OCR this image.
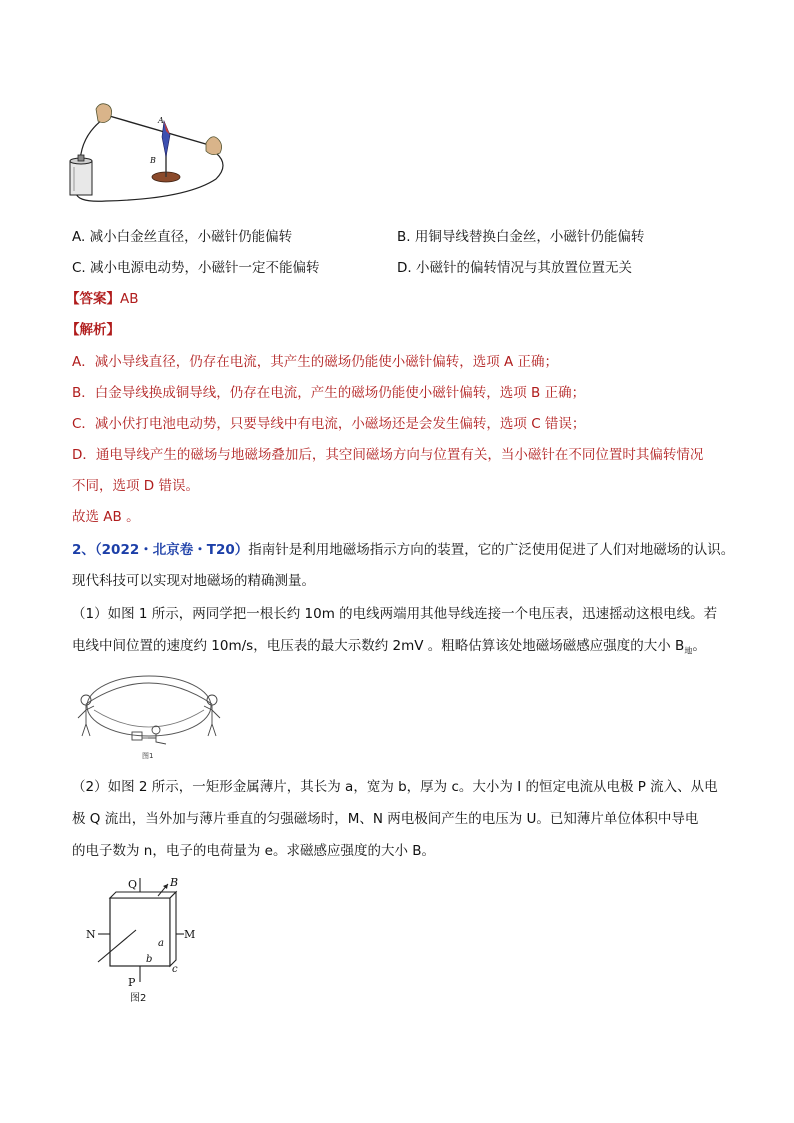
A
B
A. 减小白金丝直径，小磁针仍能偏转	B. 用铜导线替换白金丝，小磁针仍能偏转
C. 减小电源电动势，小磁针一定不能偏转	D. 小磁针的偏转情况与其放置位置无关
【答案】AB
【解析】
A．减小导线直径，仍存在电流，其产生的磁场仍能使小磁针偏转，选项 A 正确；
B．白金导线换成铜导线，仍存在电流，产生的磁场仍能使小磁针偏转，选项 B 正确；
C．减小伏打电池电动势，只要导线中有电流，小磁场还是会发生偏转，选项 C 错误；
D．通电导线产生的磁场与地磁场叠加后，其空间磁场方向与位置有关，当小磁针在不同位置时其偏转情况
不同，选项 D 错误。
故选 AB 。
2、（2022・北京卷・T20）指南针是利用地磁场指示方向的装置，它的广泛使用促进了人们对地磁场的认识。
现代科技可以实现对地磁场的精确测量。
（1）如图 1 所示，两同学把一根长约 10m 的电线两端用其他导线连接一个电压表，迅速摇动这根电线。若
电线中间位置的速度约 10m/s，电压表的最大示数约 2mV 。粗略估算该处地磁场磁感应强度的大小 $B_地$。
图1
（2）如图 2 所示，一矩形金属薄片，其长为 a，宽为 b，厚为 c。大小为 I 的恒定电流从电极 P 流入、从电
极 Q 流出，当外加与薄片垂直的匀强磁场时，M、N 两电极间产生的电压为 U。已知薄片单位体积中导电
的电子数为 n，电子的电荷量为 e。求磁感应强度的大小 B。
Q	B
N	M
a
b
c
P
图2
